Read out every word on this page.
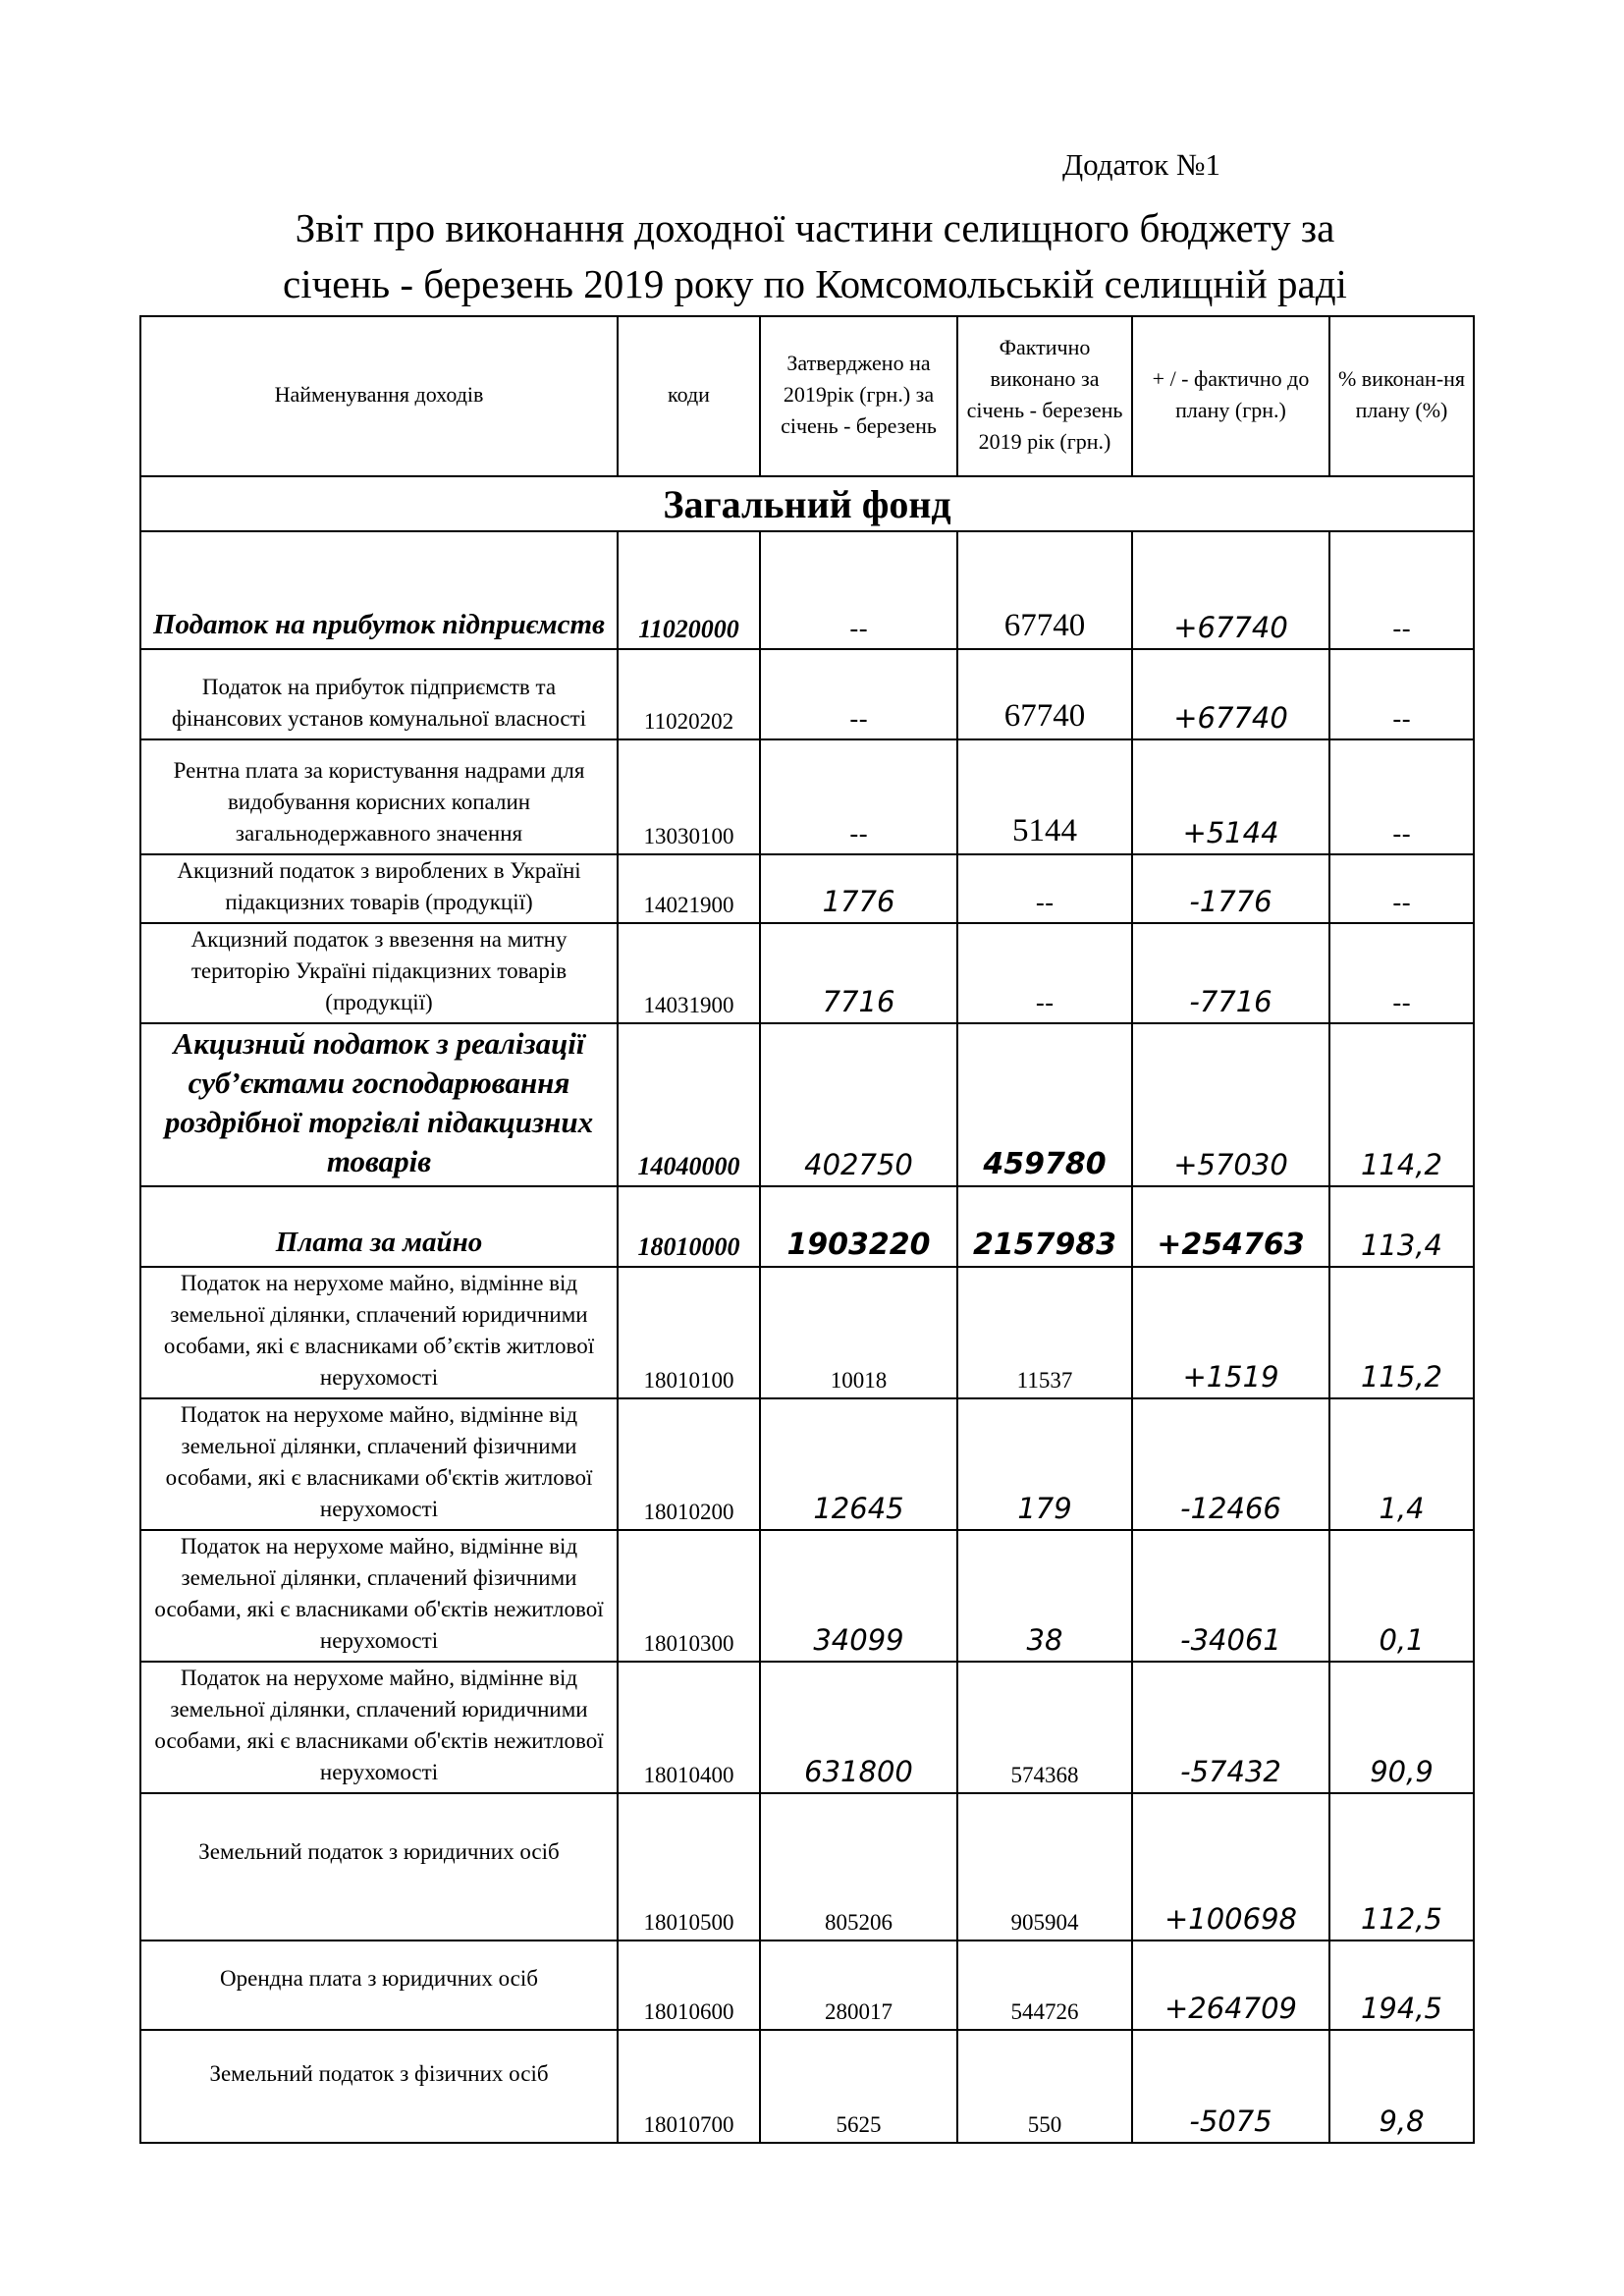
Додаток №1
Звіт про виконання доходної частини селищного бюджету за
січень - березень 2019 року по Комсомольській селищній раді
Найменування доходів	коди	Затверджено на 2019рік (грн.) за січень - березень	Фактично виконано за січень - березень 2019 рік (грн.)	+ / - фактично до плану (грн.)	% виконан-ня плану (%)
Загальний фонд					
Податок на прибуток підприємств	11020000	--	67740	+67740	--
Податок на прибуток підприємств та фінансових установ комунальної власності	11020202	--	67740	+67740	--
Рентна плата за користування надрами для видобування корисних копалин загальнодержавного значення	13030100	--	5144	+5144	--
Акцизний податок з вироблених в Україні підакцизних товарів (продукції)	14021900	1776	--	-1776	--
Акцизний податок з ввезення на митну територію Україні підакцизних товарів (продукції)	14031900	7716	--	-7716	--
Акцизний податок з реалізації суб’єктами господарювання роздрібної торгівлі підакцизних товарів	14040000	402750	459780	+57030	114,2
Плата за майно	18010000	1903220	2157983	+254763	113,4
Податок на нерухоме майно, відмінне від земельної ділянки, сплачений юридичними особами, які є власниками об’єктів житлової нерухомості	18010100	10018	11537	+1519	115,2
Податок на нерухоме майно, відмінне від земельної ділянки, сплачений фізичними особами, які є власниками об'єктів житлової нерухомості	18010200	12645	179	-12466	1,4
Податок на нерухоме майно, відмінне від земельної ділянки, сплачений фізичними особами, які є власниками об'єктів нежитлової нерухомості	18010300	34099	38	-34061	0,1
Податок на нерухоме майно, відмінне від земельної ділянки, сплачений юридичними особами, які є власниками об'єктів нежитлової нерухомості	18010400	631800	574368	-57432	90,9
Земельний податок з юридичних осіб	18010500	805206	905904	+100698	112,5
Орендна плата з юридичних осіб	18010600	280017	544726	+264709	194,5
Земельний податок з фізичних осіб	18010700	5625	550	-5075	9,8
